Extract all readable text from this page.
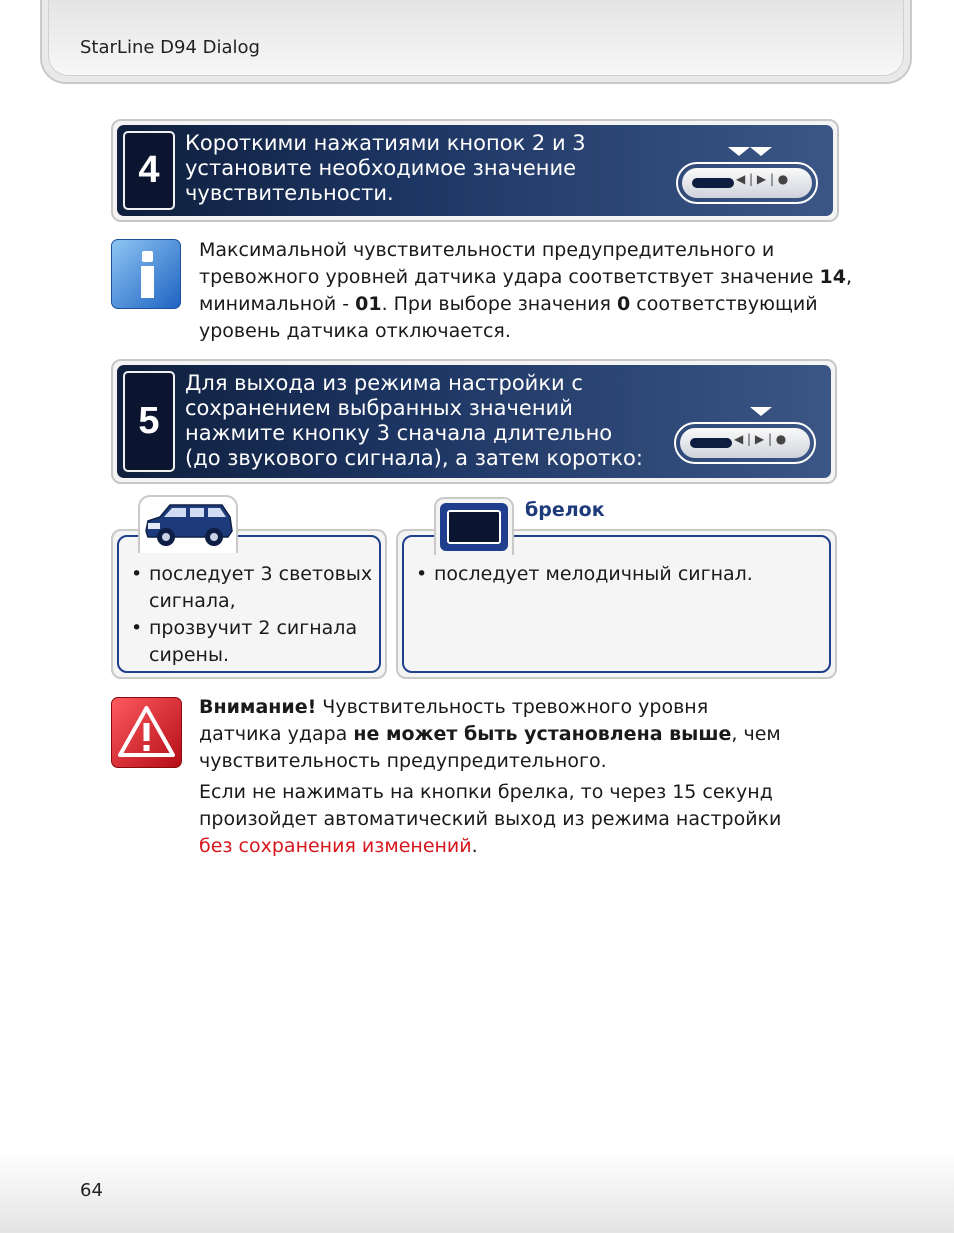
StarLine D94 Dialog
4
Короткими нажатиями кнопок 2 и 3
установите необходимое значение
чувствительности.
◀ | ▶ | ●
Максимальной чувствительности предупредительного и
тревожного уровней датчика удара соответствует значение 14,
минимальной - 01. При выборе значения 0 соответствующий
уровень датчика отключается.
5
Для выхода из режима настройки с
сохранением выбранных значений
нажмите кнопку 3 сначала длительно
(до звукового сигнала), а затем коротко:
◀ | ▶ | ●
• последует 3 световых
сигнала,
• прозвучит 2 сигнала
сирены.
• последует мелодичный сигнал.
брелок
Внимание! Чувствительность тревожного уровня
датчика удара не может быть установлена выше, чем
чувствительность предупредительного.
Если не нажимать на кнопки брелка, то через 15 секунд
произойдет автоматический выход из режима настройки
без сохранения изменений.
64
